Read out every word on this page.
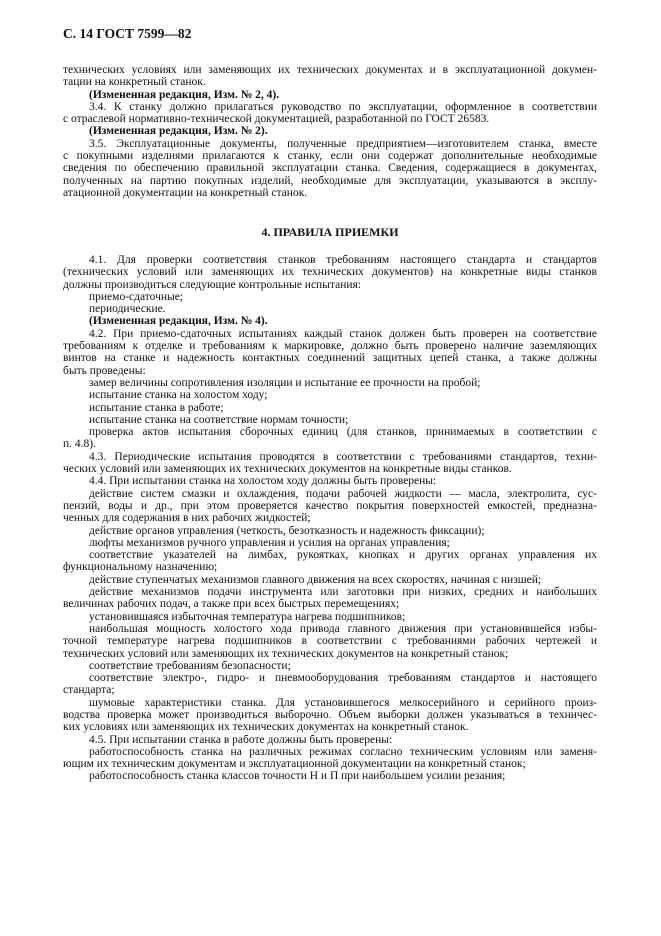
С. 14 ГОСТ 7599—82
технических условиях или заменяющих их технических документах и в эксплуатационной докумен-
тации на конкретный станок.
(Измененная редакция, Изм. № 2, 4).
3.4. К станку должно прилагаться руководство по эксплуатации, оформленное в соответствии
с отраслевой нормативно-технической документацией, разработанной по ГОСТ 26583.
(Измененная редакция, Изм. № 2).
3.5. Эксплуатационные документы, полученные предприятием—изготовителем станка, вместе
с покупными изделиями прилагаются к станку, если они содержат дополнительные необходимые
сведения по обеспечению правильной эксплуатации станка. Сведения, содержащиеся в документах,
полученных на партию покупных изделий, необходимые для эксплуатации, указываются в эксплу-
атационной документации на конкретный станок.
4. ПРАВИЛА ПРИЕМКИ
4.1. Для проверки соответствия станков требованиям настоящего стандарта и стандартов
(технических условий или заменяющих их технических документов) на конкретные виды станков
должны производиться следующие контрольные испытания:
приемо-сдаточные;
периодические.
(Измененная редакция, Изм. № 4).
4.2. При приемо-сдаточных испытаниях каждый станок должен быть проверен на соответствие
требованиям к отделке и требованиям к маркировке, должно быть проверено наличие заземляющих
винтов на станке и надежность контактных соединений защитных цепей станка, а также должны
быть проведены:
замер величины сопротивления изоляции и испытание ее прочности на пробой;
испытание станка на холостом ходу;
испытание станка в работе;
испытание станка на соответствие нормам точности;
проверка актов испытания сборочных единиц (для станков, принимаемых в соответствии с
п. 4.8).
4.3. Периодические испытания проводятся в соответствии с требованиями стандартов, техни-
ческих условий или заменяющих их технических документов на конкретные виды станков.
4.4. При испытании станка на холостом ходу должны быть проверены:
действие систем смазки и охлаждения, подачи рабочей жидкости — масла, электролита, сус-
пензий, воды и др., при этом проверяется качество покрытия поверхностей емкостей, предназна-
ченных для содержания в них рабочих жидкостей;
действие органов управления (четкость, безотказность и надежность фиксации);
люфты механизмов ручного управления и усилия на органах управления;
соответствие указателей на лимбах, рукоятках, кнопках и других органах управления их
функциональному назначению;
действие ступенчатых механизмов главного движения на всех скоростях, начиная с низшей;
действие механизмов подачи инструмента или заготовки при низких, средних и наибольших
величинах рабочих подач, а также при всех быстрых перемещениях;
установившаяся избыточная температура нагрева подшипников;
наибольшая мощность холостого хода привода главного движения при установившейся избы-
точной температуре нагрева подшипников в соответствии с требованиями рабочих чертежей и
технических условий или заменяющих их технических документов на конкретный станок;
соответствие требованиям безопасности;
соответствие электро-, гидро- и пневмооборудования требованиям стандартов и настоящего
стандарта;
шумовые характеристики станка. Для установившегося мелкосерийного и серийного произ-
водства проверка может производиться выборочно. Объем выборки должен указываться в техничес-
ких условиях или заменяющих их технических документах на конкретный станок.
4.5. При испытании станка в работе должны быть проверены:
работоспособность станка на различных режимах согласно техническим условиям или заменя-
ющим их техническим документам и эксплуатационной документации на конкретный станок;
работоспособность станка классов точности Н и П при наибольшем усилии резания;
